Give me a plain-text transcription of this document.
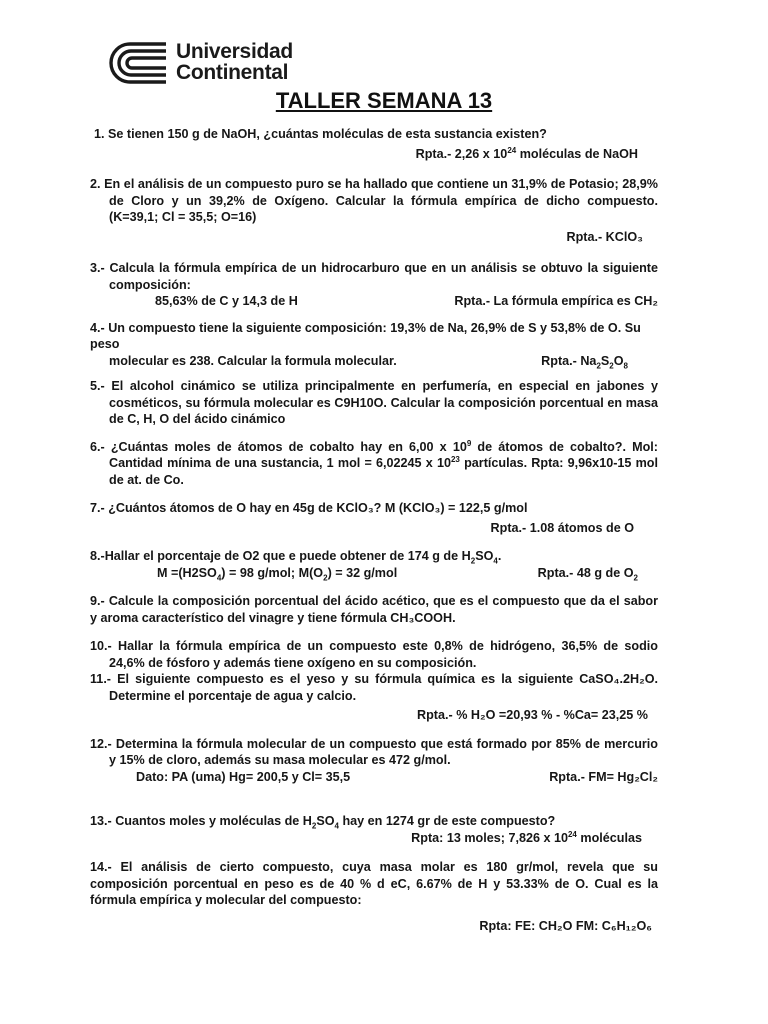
Universidad
Continental
TALLER SEMANA 13
1. Se tienen 150 g de NaOH, ¿cuántas moléculas de esta sustancia existen?
Rpta.- 2,26 x $10^{24}$ moléculas de NaOH
2. En el análisis de un compuesto puro se ha hallado que contiene un 31,9% de Potasio; 28,9% de Cloro y un 39,2% de Oxígeno. Calcular la fórmula empírica de dicho compuesto. (K=39,1; Cl = 35,5; O=16)
Rpta.- KClO₃
3.- Calcula la fórmula empírica de un hidrocarburo que en un análisis se obtuvo la siguiente composición:
85,63% de C y 14,3 de H	Rpta.- La fórmula empírica es CH₂
4.- Un compuesto tiene la siguiente composición: 19,3% de Na, 26,9% de S y 53,8% de O. Su peso
molecular es 238. Calcular la formula molecular.	Rpta.- $Na_2S_2O_8$
5.- El alcohol cinámico se utiliza principalmente en perfumería, en especial en jabones y cosméticos, su fórmula molecular es C9H10O. Calcular la composición porcentual en masa de C, H, O del ácido cinámico
6.- ¿Cuántas moles de átomos de cobalto hay en 6,00 x $10^9$ de átomos de cobalto?. Mol: Cantidad mínima de una sustancia, 1 mol = 6,02245 x $10^{23}$ partículas. Rpta: 9,96x10-15 mol de at. de Co.
7.- ¿Cuántos átomos de O hay en 45g de KClO₃? M (KClO₃) = 122,5 g/mol
Rpta.- 1.08 átomos de O
8.-Hallar el porcentaje de O2 que e puede obtener de 174 g de $H_2SO_4$.
$M =(H2SO_4) = 98$ g/mol; $M(O_2) = 32$ g/mol	Rpta.- 48 g de $O_2$
9.- Calcule la composición porcentual del ácido acético, que es el compuesto que da el sabor y aroma característico del vinagre y tiene fórmula CH₃COOH.
10.- Hallar la fórmula empírica de un compuesto este 0,8% de hidrógeno, 36,5% de sodio 24,6% de fósforo y además tiene oxígeno en su composición.
11.- El siguiente compuesto es el yeso y su fórmula química es la siguiente CaSO₄.2H₂O. Determine el porcentaje de agua y calcio.
Rpta.- % H₂O =20,93 % - %Ca= 23,25 %
12.- Determina la fórmula molecular de un compuesto que está formado por 85% de mercurio y 15% de cloro, además su masa molecular es 472 g/mol.
Dato: PA (uma) Hg= 200,5 y Cl= 35,5	Rpta.- FM= Hg₂Cl₂
13.- Cuantos moles y moléculas de $H_2SO_4$ hay en 1274 gr de este compuesto?
Rpta: 13 moles; 7,826 x $10^{24}$ moléculas
14.- El análisis de cierto compuesto, cuya masa molar es 180 gr/mol, revela que su composición porcentual en peso es de 40 % d eC, 6.67% de H y 53.33% de O. Cual es la fórmula empírica y molecular del compuesto:
Rpta: FE: CH₂O FM: C₆H₁₂O₆
